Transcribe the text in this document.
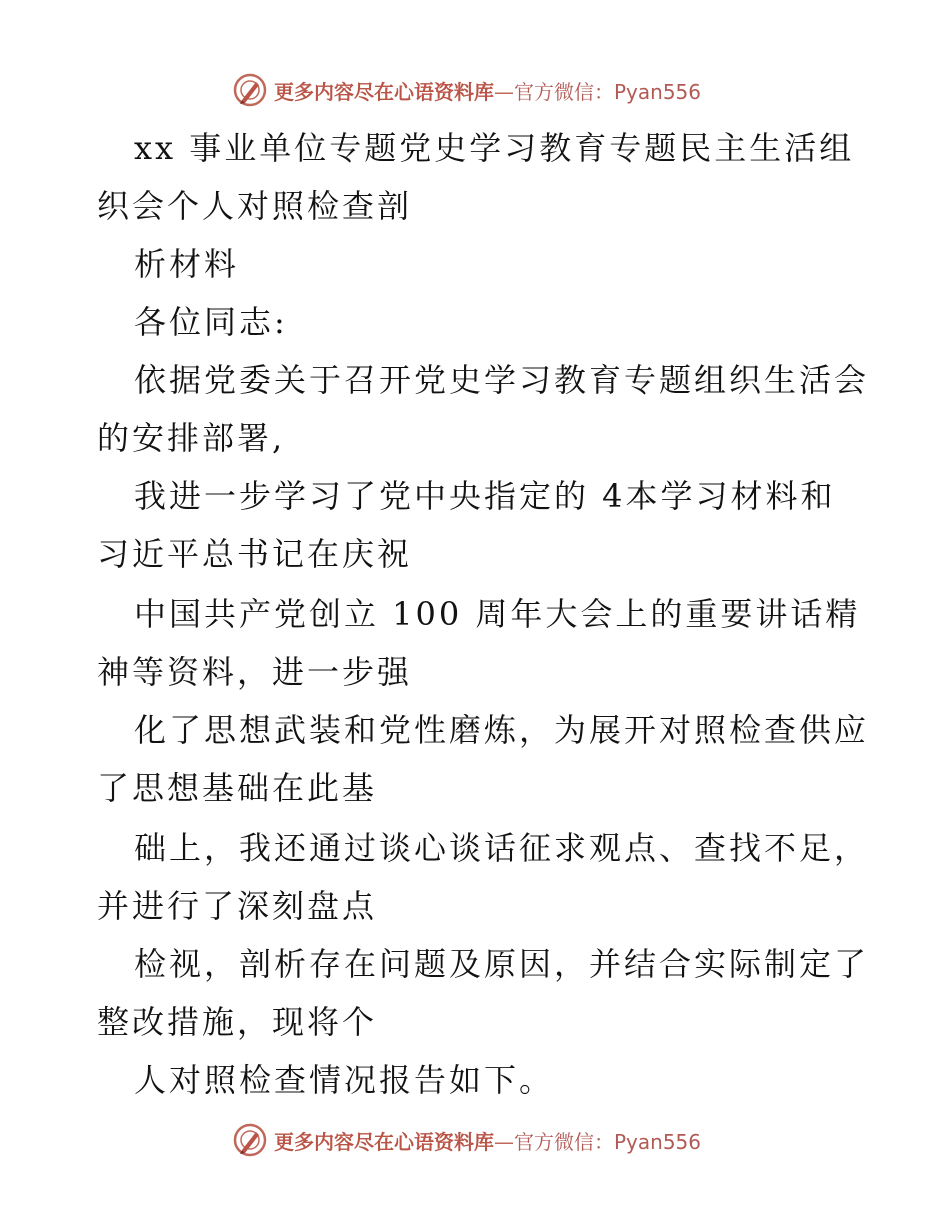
更多内容尽在心语资料库—官方微信：Pyan556
xx 事业单位专题党史学习教育专题民主生活组
织会个人对照检查剖
析材料
各位同志:
依据党委关于召开党史学习教育专题组织生活会
的安排部署,
我进一步学习了党中央指定的 4本学习材料和
习近平总书记在庆祝
中国共产党创立 100 周年大会上的重要讲话精
神等资料，进一步强
化了思想武装和党性磨炼，为展开对照检查供应
了思想基础在此基
础上，我还通过谈心谈话征求观点、查找不足，
并进行了深刻盘点
检视，剖析存在问题及原因，并结合实际制定了
整改措施，现将个
人对照检查情况报告如下。
更多内容尽在心语资料库—官方微信：Pyan556
